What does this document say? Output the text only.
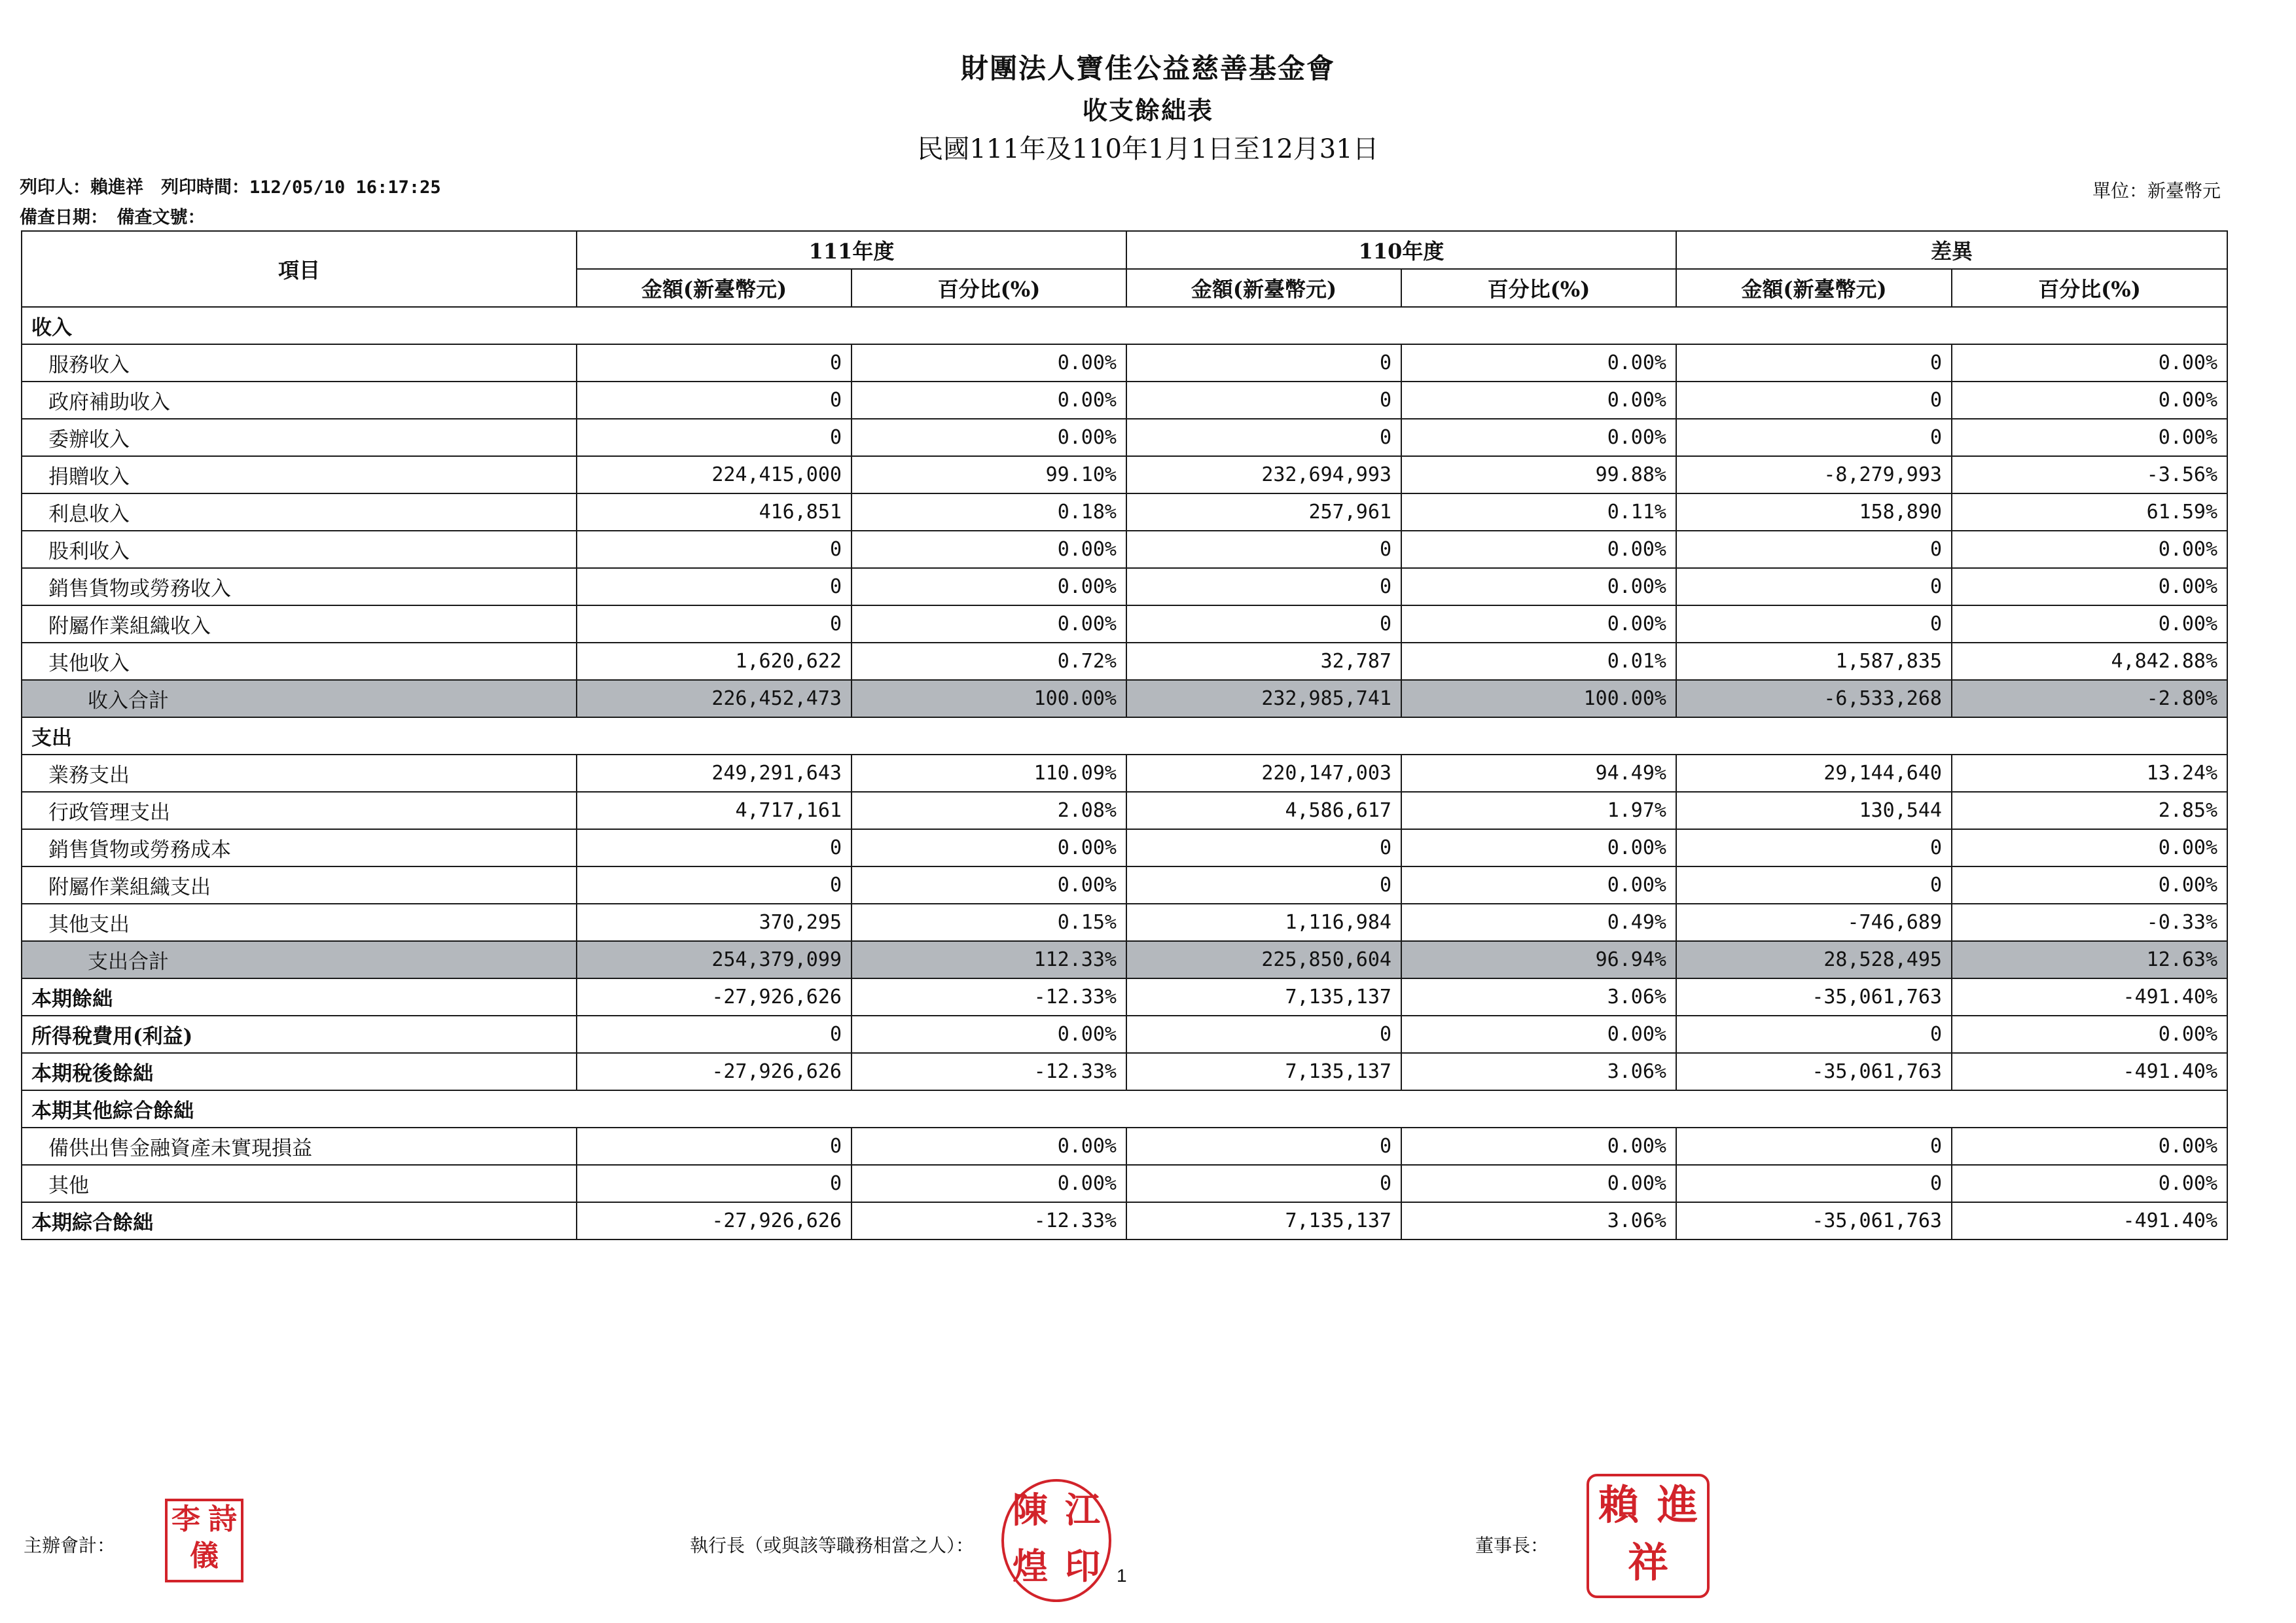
財團法人寶佳公益慈善基金會
收支餘絀表
民國111年及110年1月1日至12月31日
列印人：賴進祥　列印時間：112/05/10 16:17:25
備查日期：　備查文號：
單位：新臺幣元
項目	111年度		110年度		差異	
	金額(新臺幣元)	百分比(%)	金額(新臺幣元)	百分比(%)	金額(新臺幣元)	百分比(%)
收入						
服務收入	0	0.00%	0	0.00%	0	0.00%
政府補助收入	0	0.00%	0	0.00%	0	0.00%
委辦收入	0	0.00%	0	0.00%	0	0.00%
捐贈收入	224,415,000	99.10%	232,694,993	99.88%	-8,279,993	-3.56%
利息收入	416,851	0.18%	257,961	0.11%	158,890	61.59%
股利收入	0	0.00%	0	0.00%	0	0.00%
銷售貨物或勞務收入	0	0.00%	0	0.00%	0	0.00%
附屬作業組織收入	0	0.00%	0	0.00%	0	0.00%
其他收入	1,620,622	0.72%	32,787	0.01%	1,587,835	4,842.88%
收入合計	226,452,473	100.00%	232,985,741	100.00%	-6,533,268	-2.80%
支出						
業務支出	249,291,643	110.09%	220,147,003	94.49%	29,144,640	13.24%
行政管理支出	4,717,161	2.08%	4,586,617	1.97%	130,544	2.85%
銷售貨物或勞務成本	0	0.00%	0	0.00%	0	0.00%
附屬作業組織支出	0	0.00%	0	0.00%	0	0.00%
其他支出	370,295	0.15%	1,116,984	0.49%	-746,689	-0.33%
支出合計	254,379,099	112.33%	225,850,604	96.94%	28,528,495	12.63%
本期餘絀	-27,926,626	-12.33%	7,135,137	3.06%	-35,061,763	-491.40%
所得稅費用(利益)	0	0.00%	0	0.00%	0	0.00%
本期稅後餘絀	-27,926,626	-12.33%	7,135,137	3.06%	-35,061,763	-491.40%
本期其他綜合餘絀						
備供出售金融資產未實現損益	0	0.00%	0	0.00%	0	0.00%
其他	0	0.00%	0	0.00%	0	0.00%
本期綜合餘絀	-27,926,626	-12.33%	7,135,137	3.06%	-35,061,763	-491.40%
主辦會計：
李 詩儀	執行長（或與該等職務相當之人）：
陳 江煌 印 1
董事長：
賴 進祥
